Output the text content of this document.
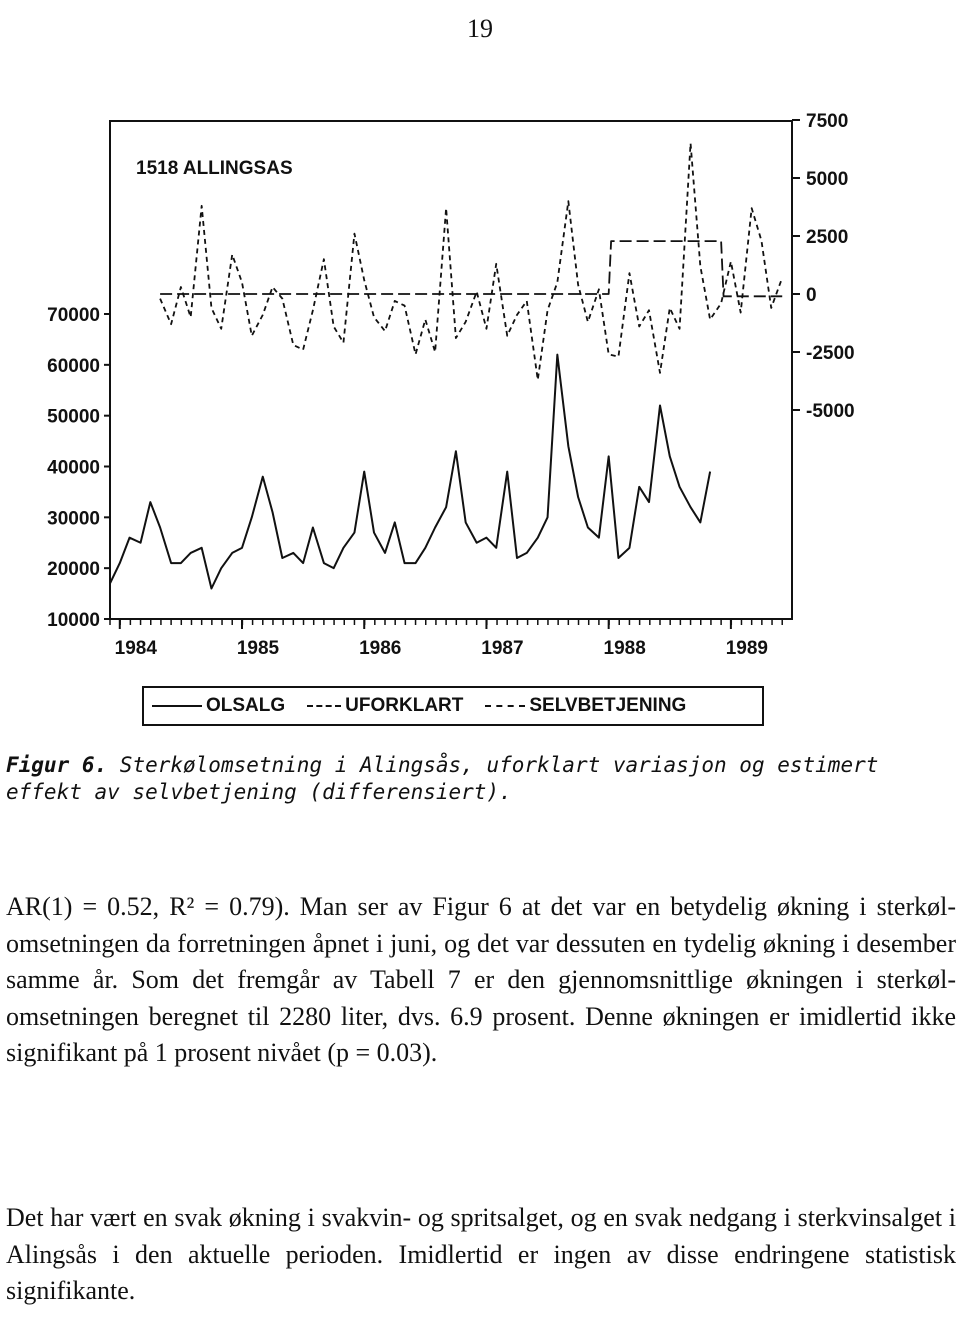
19
1518 ALLINGSAS
10000
20000
30000
40000
50000
60000
70000
7500
5000
2500
0
-2500
-5000
1984	1985	1986	1987	1988	1989
OLSALG	UFORKLART	SELVBETJENING
Figur 6. Sterkølomsetning i Alingsås, uforklart variasjon og estimert effekt av selvbetjening (differensiert).

AR(1) = 0.52, R² = 0.79). Man ser av Figur 6 at det var en betydelig økning i sterkøl-omsetningen da forretningen åpnet i juni, og det var dessuten en tydelig økning i desember samme år. Som det fremgår av Tabell 7 er den gjennomsnittlige økningen i sterkøl-omsetningen beregnet til 2280 liter, dvs. 6.9 prosent. Denne økningen er imidlertid ikke signifikant på 1 prosent nivået (p = 0.03).

Det har vært en svak økning i svakvin- og spritsalget, og en svak nedgang i sterkvinsalget i Alingsås i den aktuelle perioden. Imidlertid er ingen av disse endringene statistisk signifikante.
